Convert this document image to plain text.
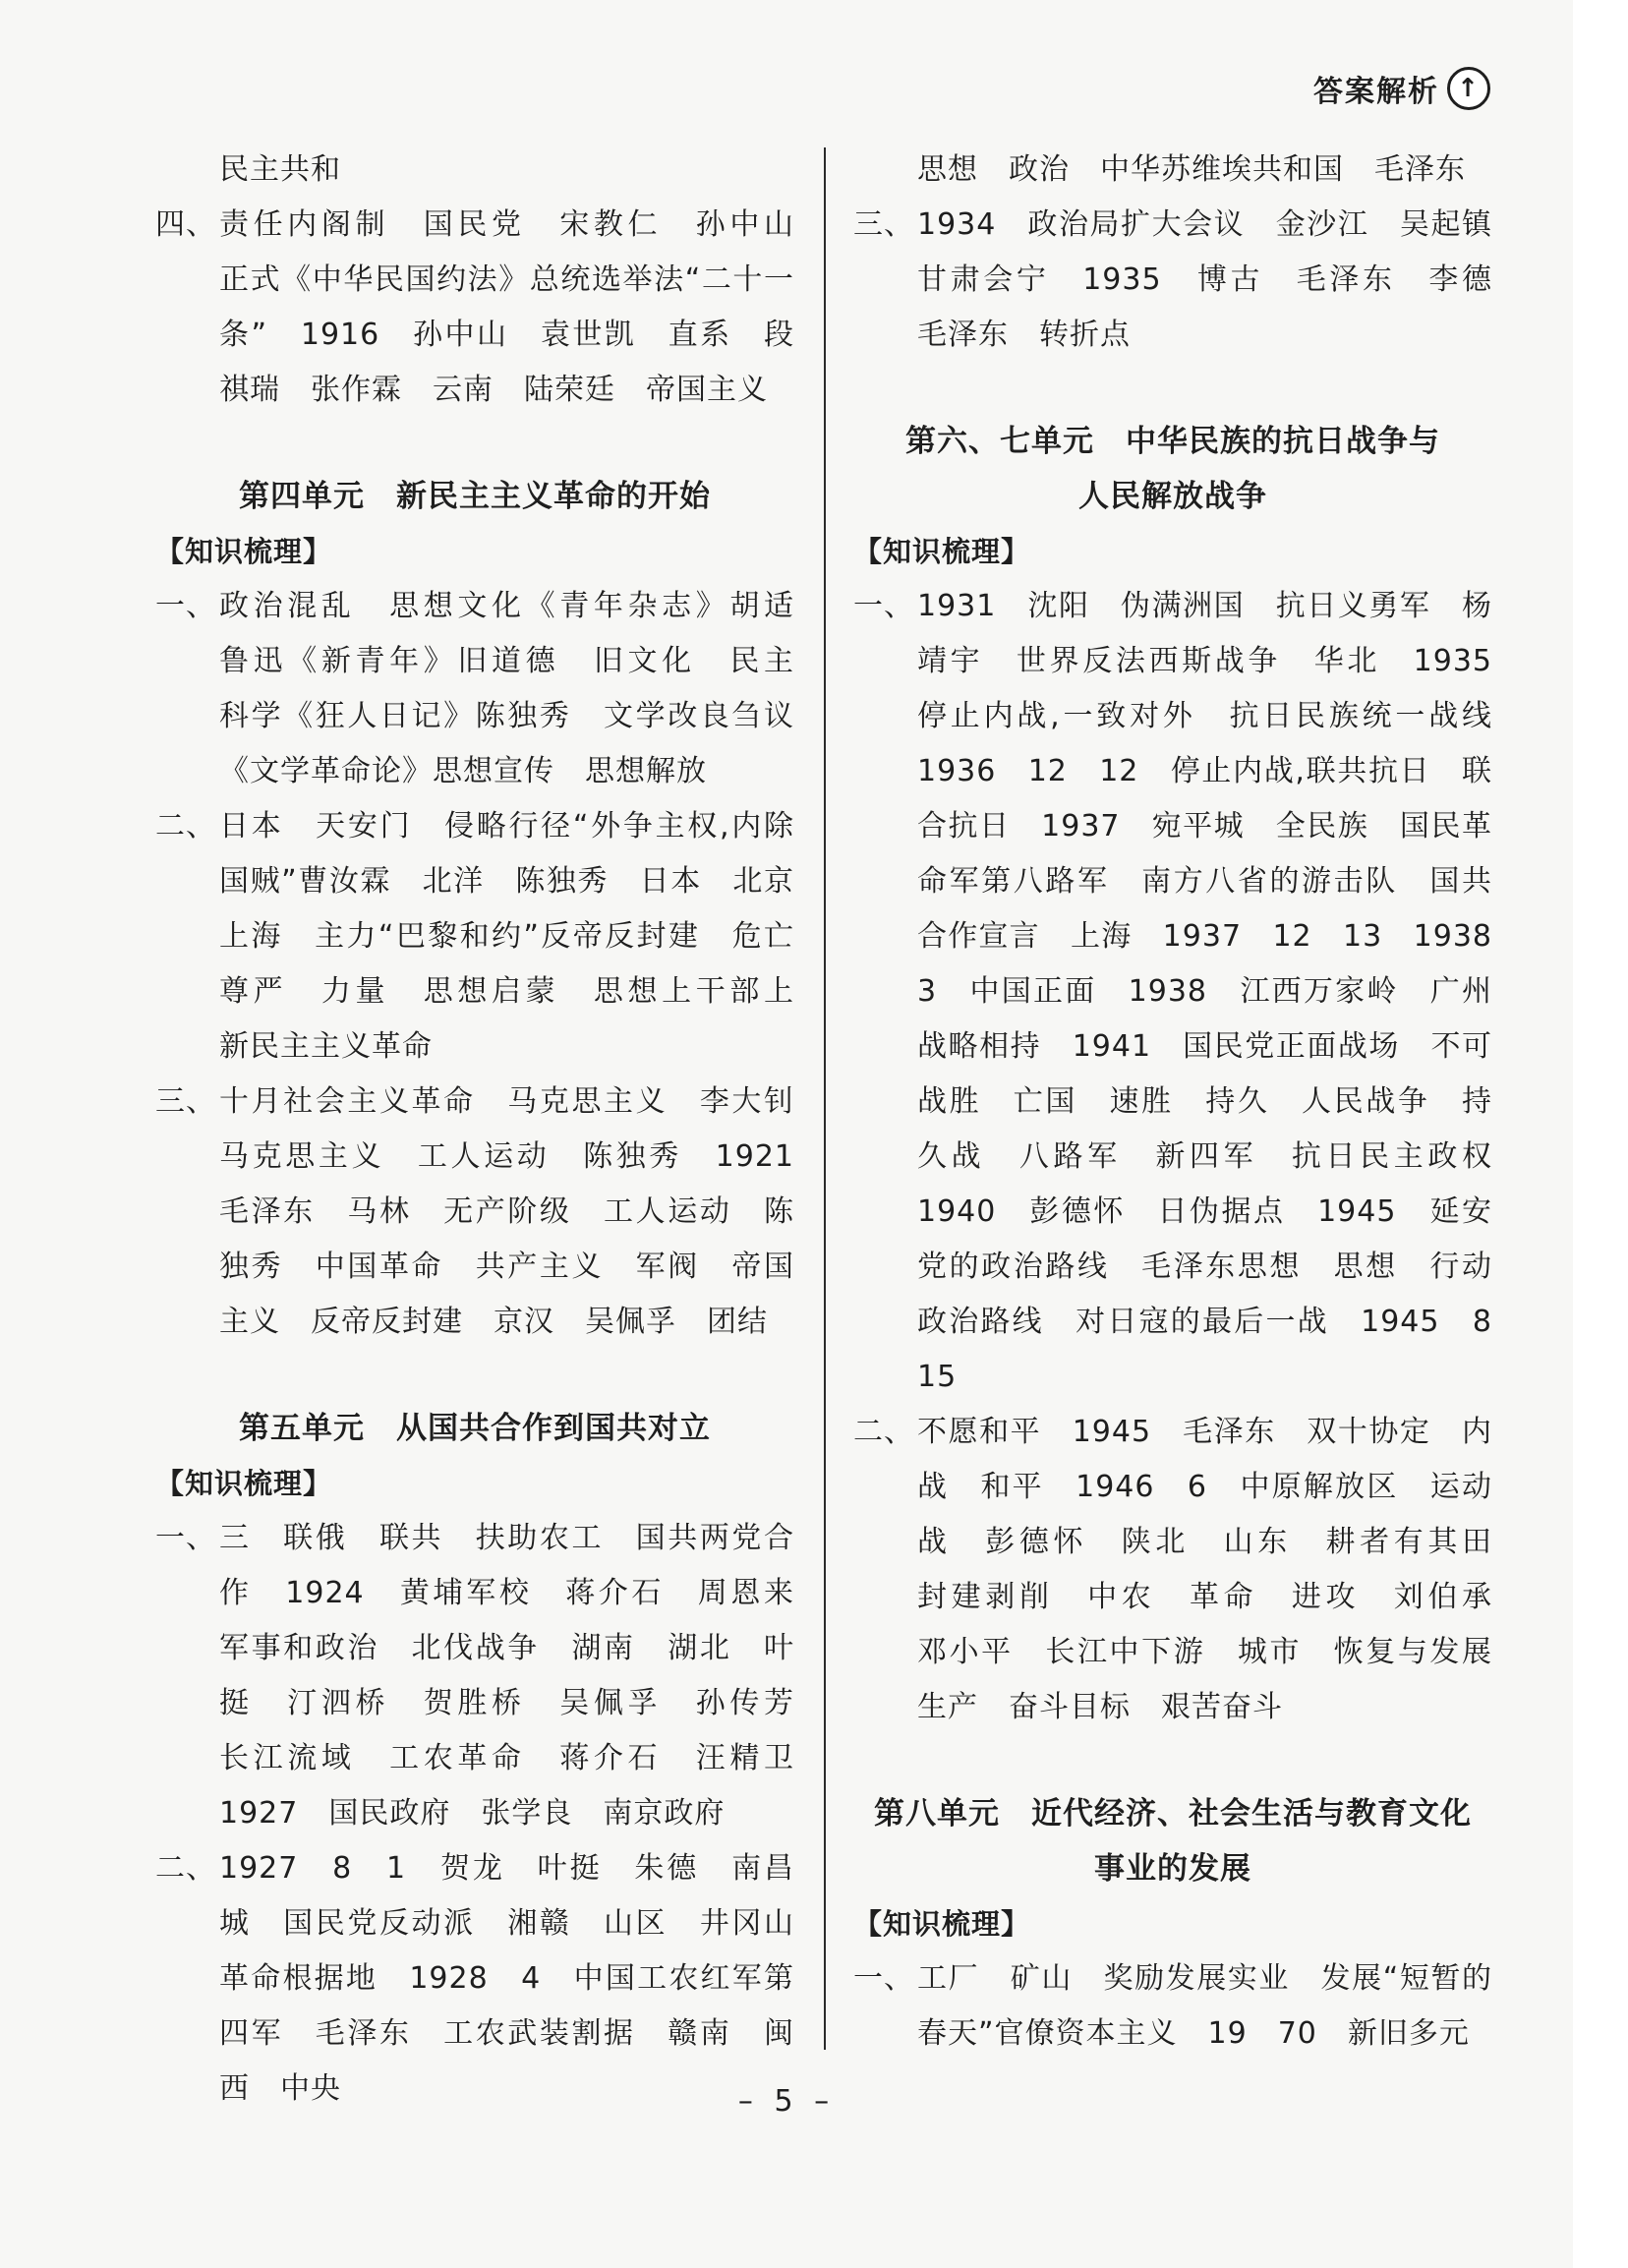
答案解析 ↑
民主共和
四、 责任内阁制　国民党　宋教仁　孙中山　正式《中华民国约法》总统选举法“二十一条”　1916　孙中山　袁世凯　直系　段祺瑞　张作霖　云南　陆荣廷　帝国主义
第四单元　新民主主义革命的开始
【知识梳理】
一、 政治混乱　思想文化《青年杂志》胡适　鲁迅《新青年》旧道德　旧文化　民主　科学《狂人日记》陈独秀　文学改良刍议《文学革命论》思想宣传　思想解放
二、 日本　天安门　侵略行径“外争主权,内除国贼”曹汝霖　北洋　陈独秀　日本　北京　上海　主力“巴黎和约”反帝反封建　危亡　尊严　力量　思想启蒙　思想上干部上　新民主主义革命
三、 十月社会主义革命　马克思主义　李大钊　马克思主义　工人运动　陈独秀　1921　毛泽东　马林　无产阶级　工人运动　陈独秀　中国革命　共产主义　军阀　帝国主义　反帝反封建　京汉　吴佩孚　团结
第五单元　从国共合作到国共对立
【知识梳理】
一、 三　联俄　联共　扶助农工　国共两党合作　1924　黄埔军校　蒋介石　周恩来　军事和政治　北伐战争　湖南　湖北　叶挺　汀泗桥　贺胜桥　吴佩孚　孙传芳　长江流域　工农革命　蒋介石　汪精卫　1927　国民政府　张学良　南京政府
二、 1927　8　1　贺龙　叶挺　朱德　南昌城　国民党反动派　湘赣　山区　井冈山革命根据地　1928　4　中国工农红军第四军　毛泽东　工农武装割据　赣南　闽西　中央
思想　政治　中华苏维埃共和国　毛泽东
三、 1934　政治局扩大会议　金沙江　吴起镇　甘肃会宁　1935　博古　毛泽东　李德　毛泽东　转折点
第六、七单元　中华民族的抗日战争与
人民解放战争
【知识梳理】
一、 1931　沈阳　伪满洲国　抗日义勇军　杨靖宇　世界反法西斯战争　华北　1935　停止内战,一致对外　抗日民族统一战线　1936　12　12　停止内战,联共抗日　联合抗日　1937　宛平城　全民族　国民革命军第八路军　南方八省的游击队　国共合作宣言　上海　1937　12　13　1938　3　中国正面　1938　江西万家岭　广州　战略相持　1941　国民党正面战场　不可战胜　亡国　速胜　持久　人民战争　持久战　八路军　新四军　抗日民主政权　1940　彭德怀　日伪据点　1945　延安　党的政治路线　毛泽东思想　思想　行动　政治路线　对日寇的最后一战　1945　8　15
二、 不愿和平　1945　毛泽东　双十协定　内战　和平　1946　6　中原解放区　运动战　彭德怀　陕北　山东　耕者有其田　封建剥削　中农　革命　进攻　刘伯承　邓小平　长江中下游　城市　恢复与发展生产　奋斗目标　艰苦奋斗
第八单元　近代经济、社会生活与教育文化
事业的发展
【知识梳理】
一、 工厂　矿山　奖励发展实业　发展“短暂的春天”官僚资本主义　19　70　新旧多元
– 5 –
